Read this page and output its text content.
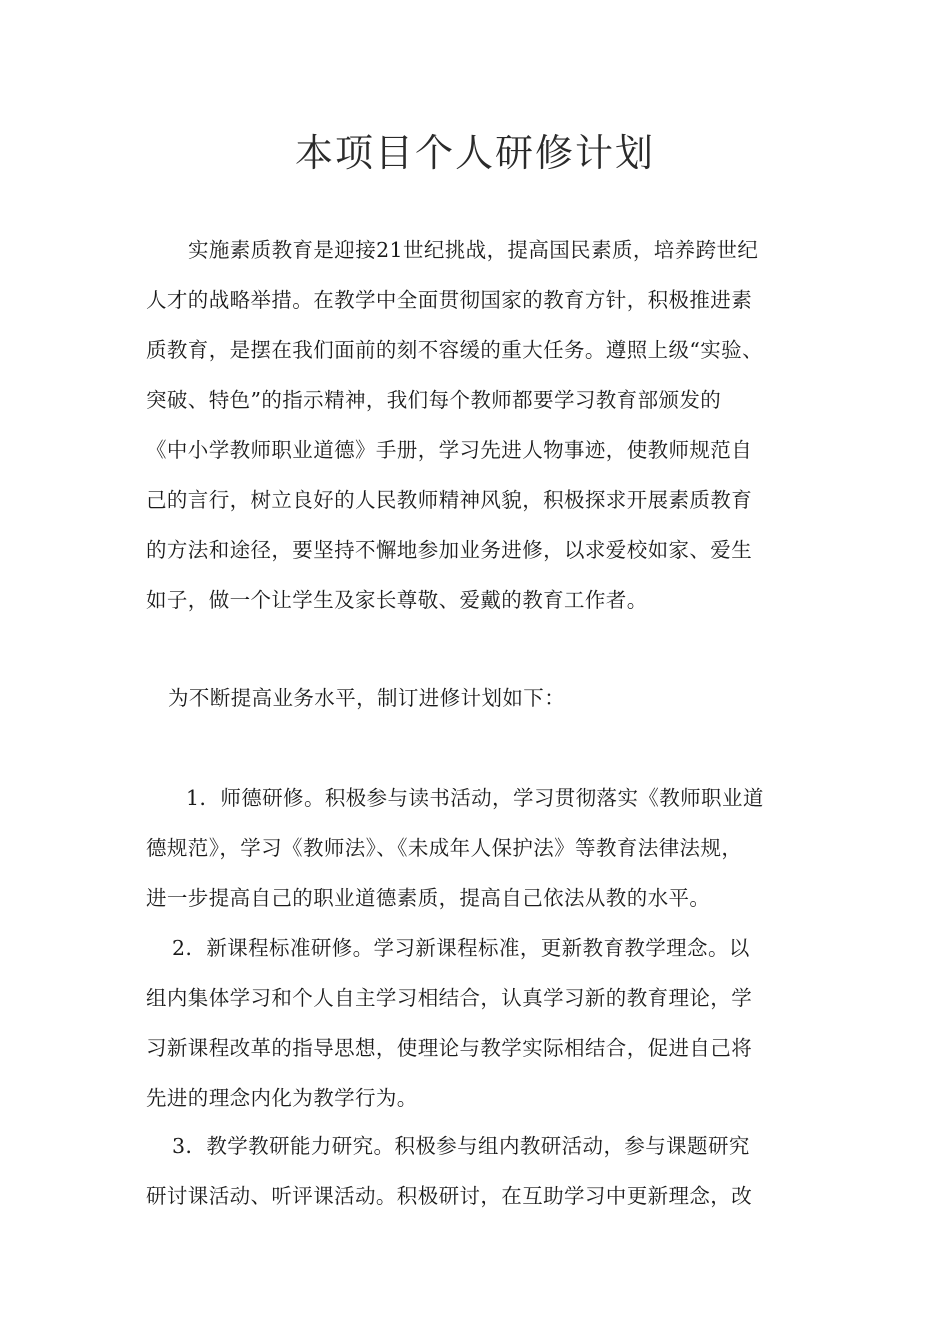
本项目个人研修计划
实施素质教育是迎接21世纪挑战，提高国民素质，培养跨世纪
人才的战略举措。在教学中全面贯彻国家的教育方针，积极推进素
质教育，是摆在我们面前的刻不容缓的重大任务。遵照上级“实验、
突破、特色”的指示精神，我们每个教师都要学习教育部颁发的
《中小学教师职业道德》手册，学习先进人物事迹，使教师规范自
己的言行，树立良好的人民教师精神风貌，积极探求开展素质教育
的方法和途径，要坚持不懈地参加业务进修，以求爱校如家、爱生
如子，做一个让学生及家长尊敬、爱戴的教育工作者。
为不断提高业务水平，制订进修计划如下：
1．师德研修。积极参与读书活动，学习贯彻落实《教师职业道
德规范》，学习《教师法》、《未成年人保护法》等教育法律法规，
进一步提高自己的职业道德素质，提高自己依法从教的水平。
2．新课程标准研修。学习新课程标准，更新教育教学理念。以
组内集体学习和个人自主学习相结合，认真学习新的教育理论，学
习新课程改革的指导思想，使理论与教学实际相结合，促进自己将
先进的理念内化为教学行为。
3．教学教研能力研究。积极参与组内教研活动，参与课题研究
研讨课活动、听评课活动。积极研讨，在互助学习中更新理念，改
